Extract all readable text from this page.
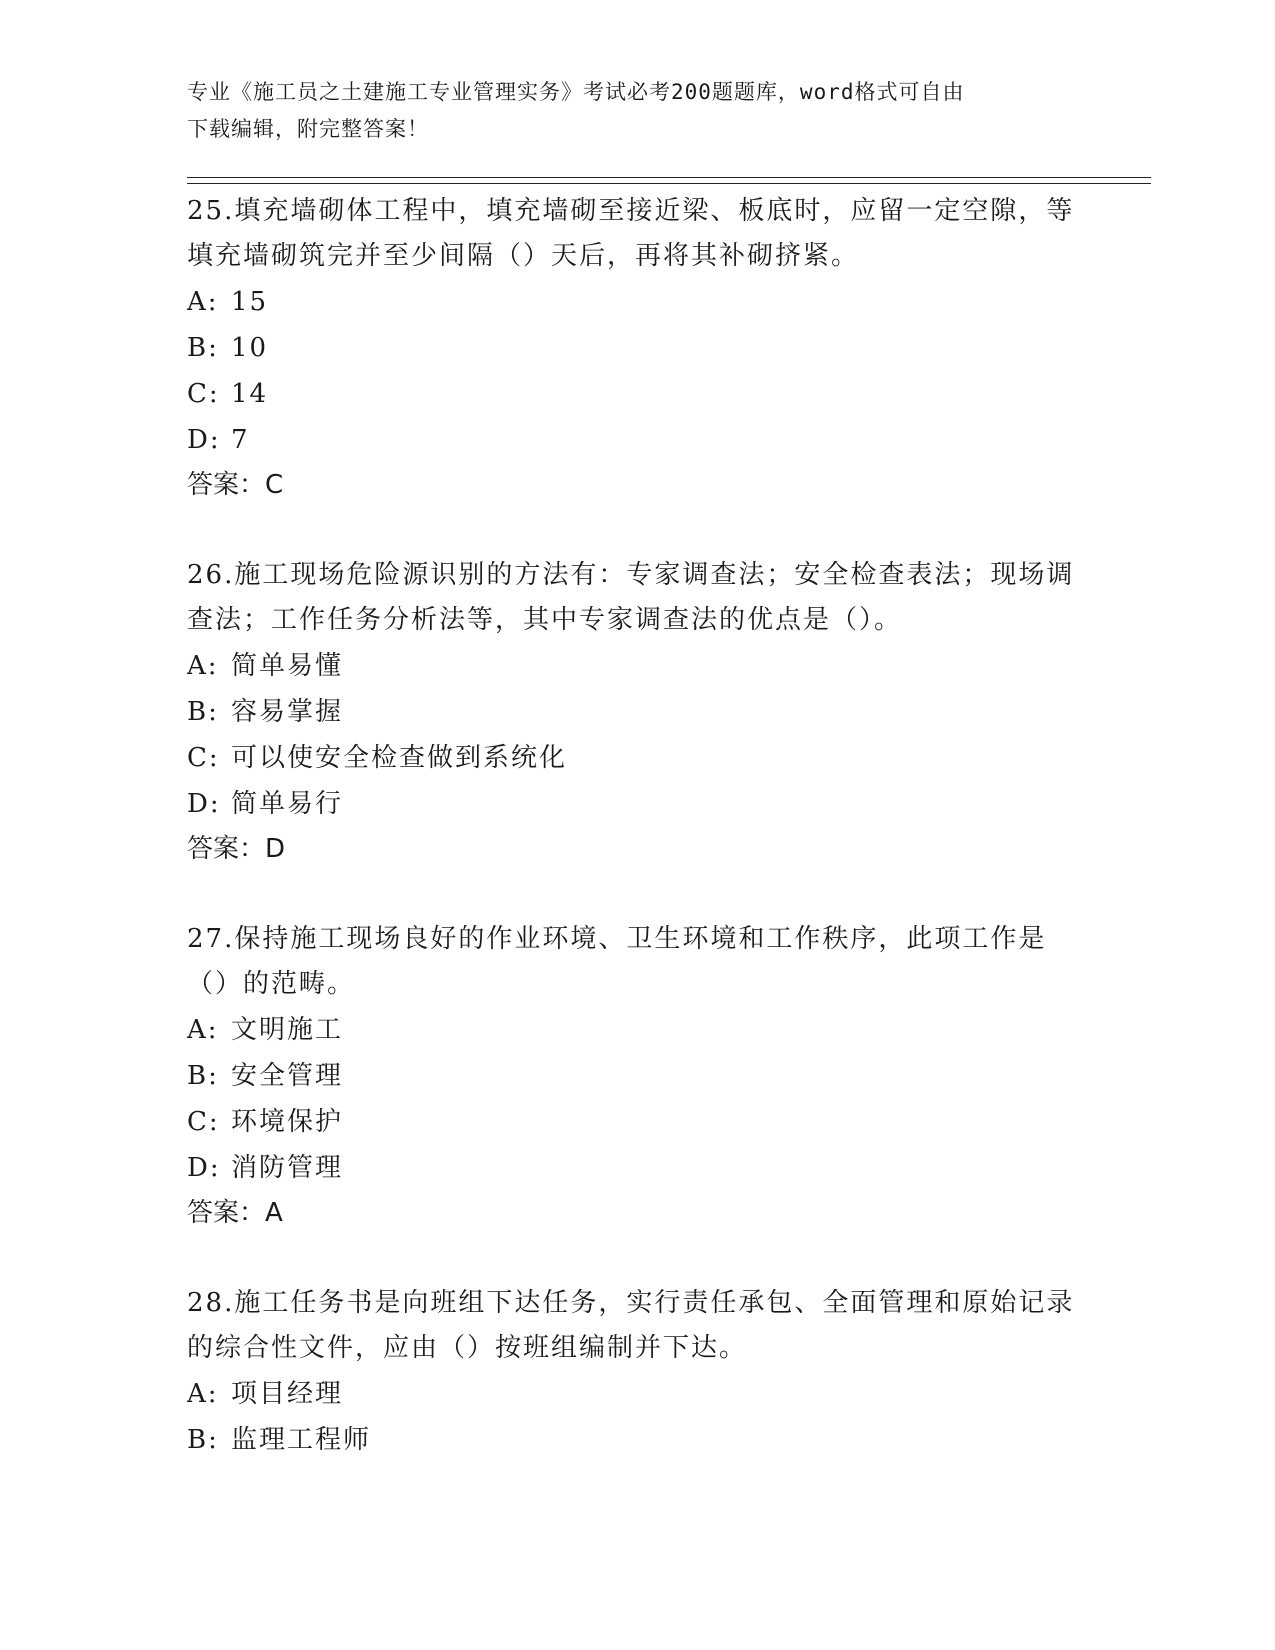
专业《施工员之土建施工专业管理实务》考试必考200题题库，word格式可自由
下载编辑，附完整答案！
25.填充墙砌体工程中，填充墙砌至接近梁、板底时，应留一定空隙，等填充墙砌筑完并至少间隔（）天后，再将其补砌挤紧。
A: 15
B: 10
C: 14
D: 7
答案：C
26.施工现场危险源识别的方法有：专家调查法；安全检查表法；现场调查法；工作任务分析法等，其中专家调查法的优点是（）。
A: 简单易懂
B: 容易掌握
C: 可以使安全检查做到系统化
D: 简单易行
答案：D
27.保持施工现场良好的作业环境、卫生环境和工作秩序，此项工作是（）的范畴。
A: 文明施工
B: 安全管理
C: 环境保护
D: 消防管理
答案：A
28.施工任务书是向班组下达任务，实行责任承包、全面管理和原始记录的综合性文件，应由（）按班组编制并下达。
A: 项目经理
B: 监理工程师
